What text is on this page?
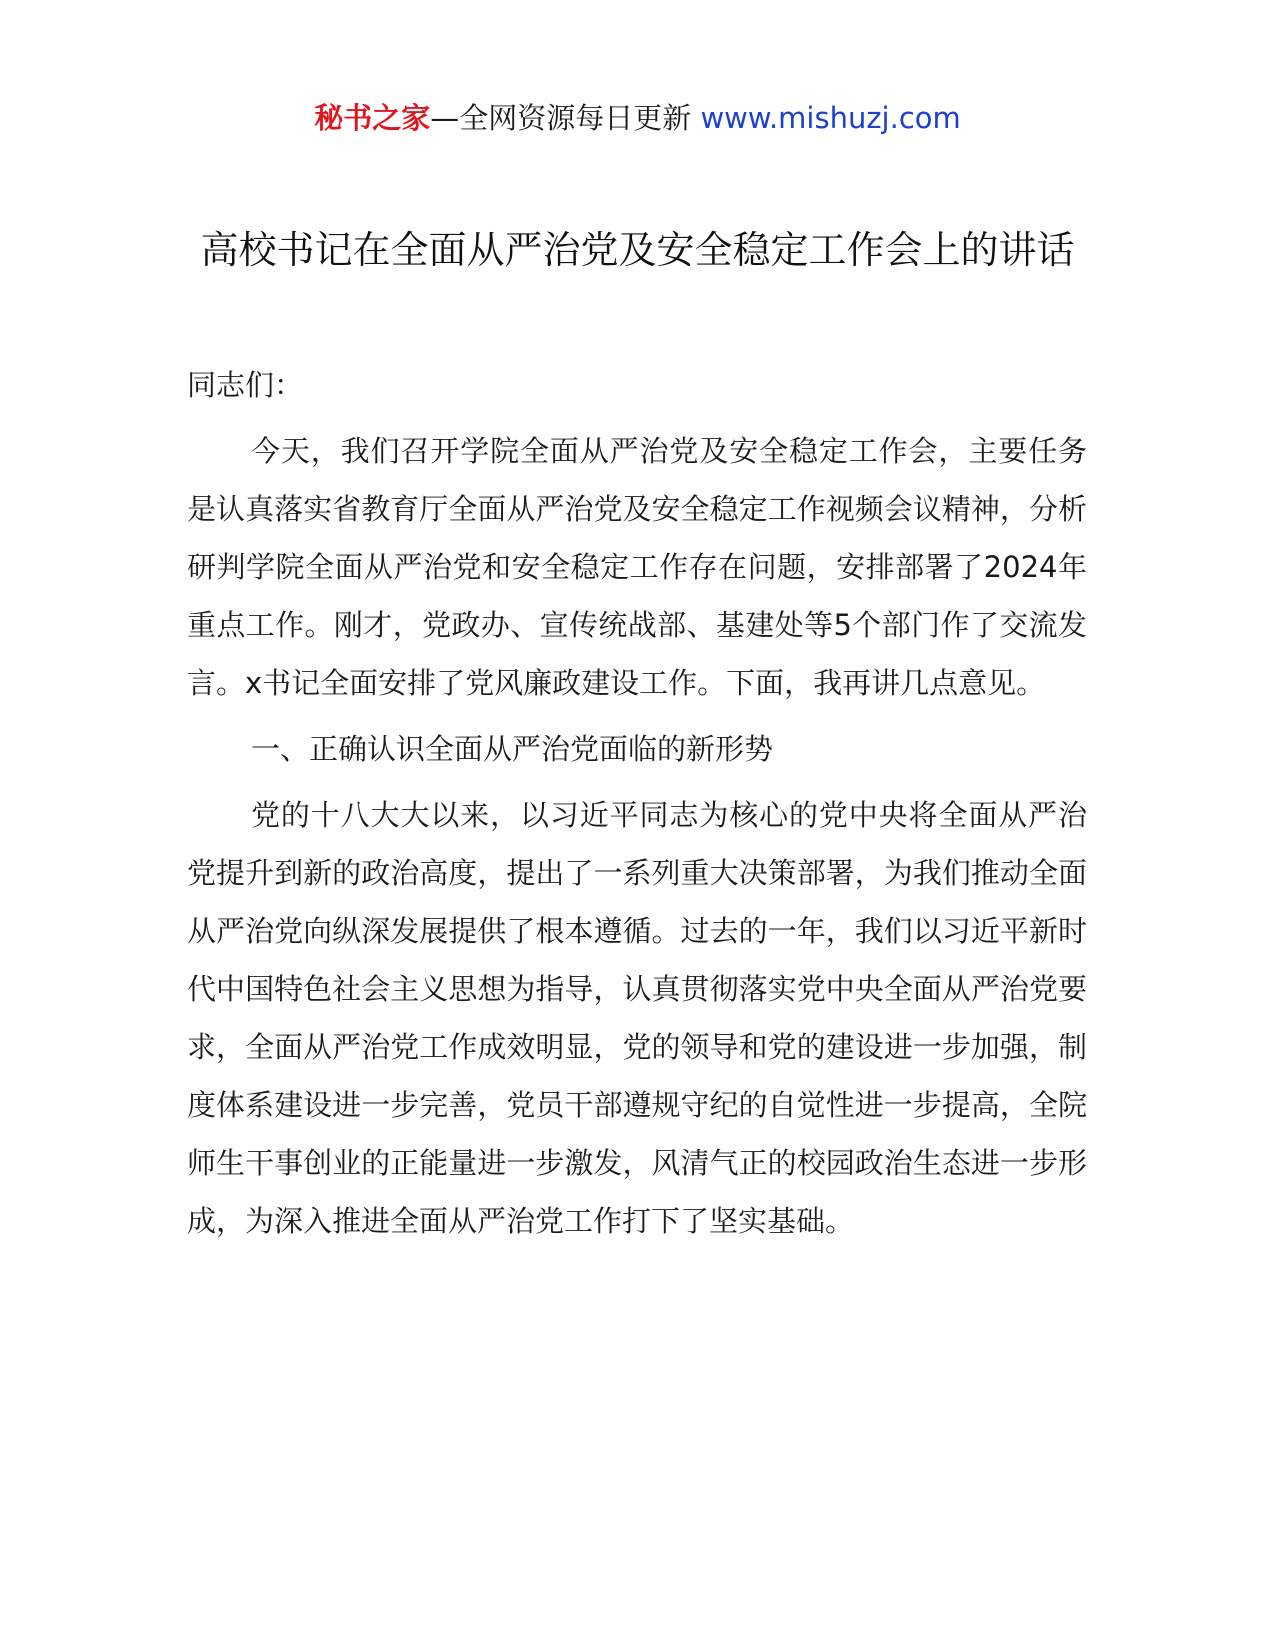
秘书之家—全网资源每日更新 www.mishuzj.com
高校书记在全面从严治党及安全稳定工作会上的讲话

同志们：

今天，我们召开学院全面从严治党及安全稳定工作会，主要任务是认真落实省教育厅全面从严治党及安全稳定工作视频会议精神，分析研判学院全面从严治党和安全稳定工作存在问题，安排部署了2024年重点工作。刚才，党政办、宣传统战部、基建处等5个部门作了交流发言。x书记全面安排了党风廉政建设工作。下面，我再讲几点意见。

一、正确认识全面从严治党面临的新形势

党的十八大大以来，以习近平同志为核心的党中央将全面从严治党提升到新的政治高度，提出了一系列重大决策部署，为我们推动全面从严治党向纵深发展提供了根本遵循。过去的一年，我们以习近平新时代中国特色社会主义思想为指导，认真贯彻落实党中央全面从严治党要求，全面从严治党工作成效明显，党的领导和党的建设进一步加强，制度体系建设进一步完善，党员干部遵规守纪的自觉性进一步提高，全院师生干事创业的正能量进一步激发，风清气正的校园政治生态进一步形成，为深入推进全面从严治党工作打下了坚实基础。
